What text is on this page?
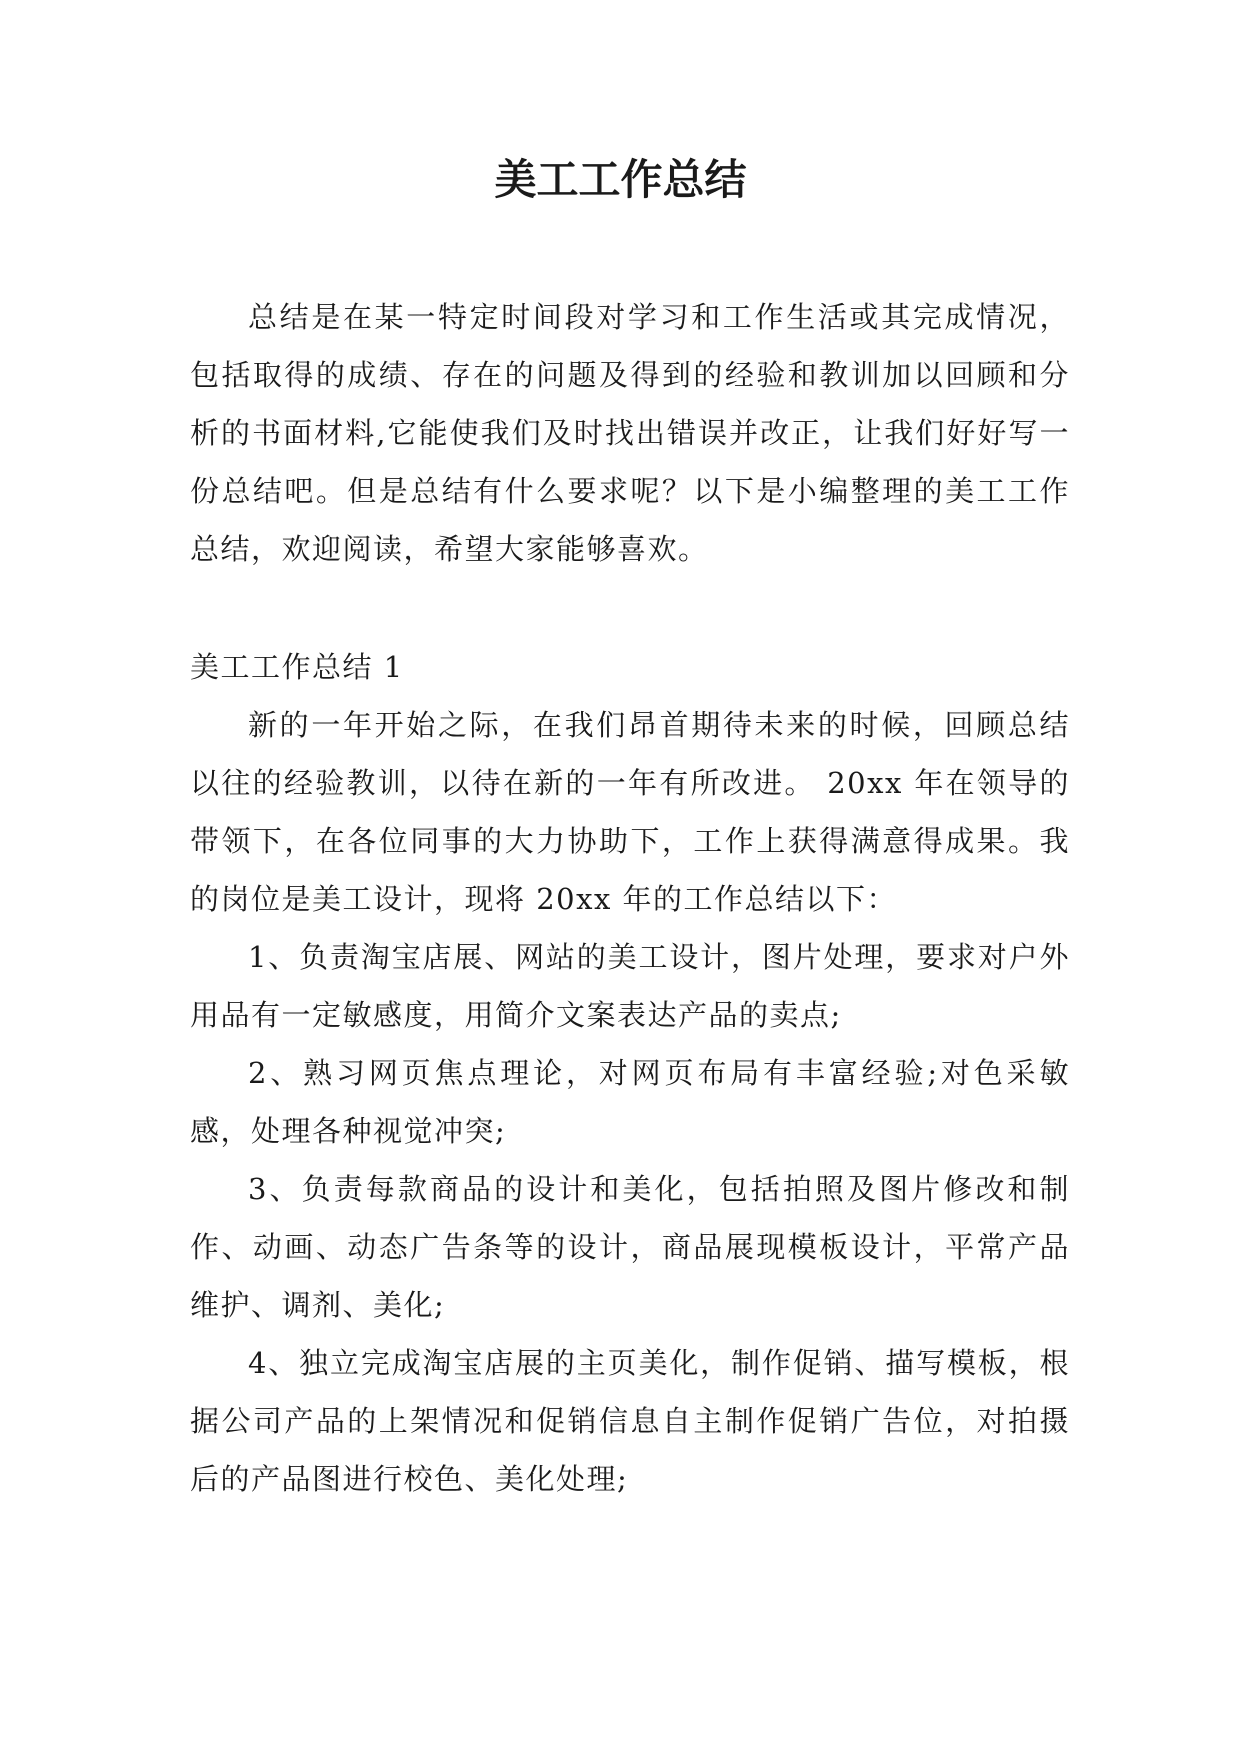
美工工作总结

总结是在某一特定时间段对学习和工作生活或其完成情况，包括取得的成绩、存在的问题及得到的经验和教训加以回顾和分析的书面材料,它能使我们及时找出错误并改正，让我们好好写一份总结吧。但是总结有什么要求呢？以下是小编整理的美工工作总结，欢迎阅读，希望大家能够喜欢。

美工工作总结 1

新的一年开始之际，在我们昂首期待未来的时候，回顾总结以往的经验教训，以待在新的一年有所改进。 20xx 年在领导的带领下，在各位同事的大力协助下，工作上获得满意得成果。我的岗位是美工设计，现将 20xx 年的工作总结以下：

1、负责淘宝店展、网站的美工设计，图片处理，要求对户外用品有一定敏感度，用简介文案表达产品的卖点;

2、熟习网页焦点理论，对网页布局有丰富经验;对色采敏感，处理各种视觉冲突;

3、负责每款商品的设计和美化，包括拍照及图片修改和制作、动画、动态广告条等的设计，商品展现模板设计，平常产品维护、调剂、美化;

4、独立完成淘宝店展的主页美化，制作促销、描写模板，根据公司产品的上架情况和促销信息自主制作促销广告位，对拍摄后的产品图进行校色、美化处理;
